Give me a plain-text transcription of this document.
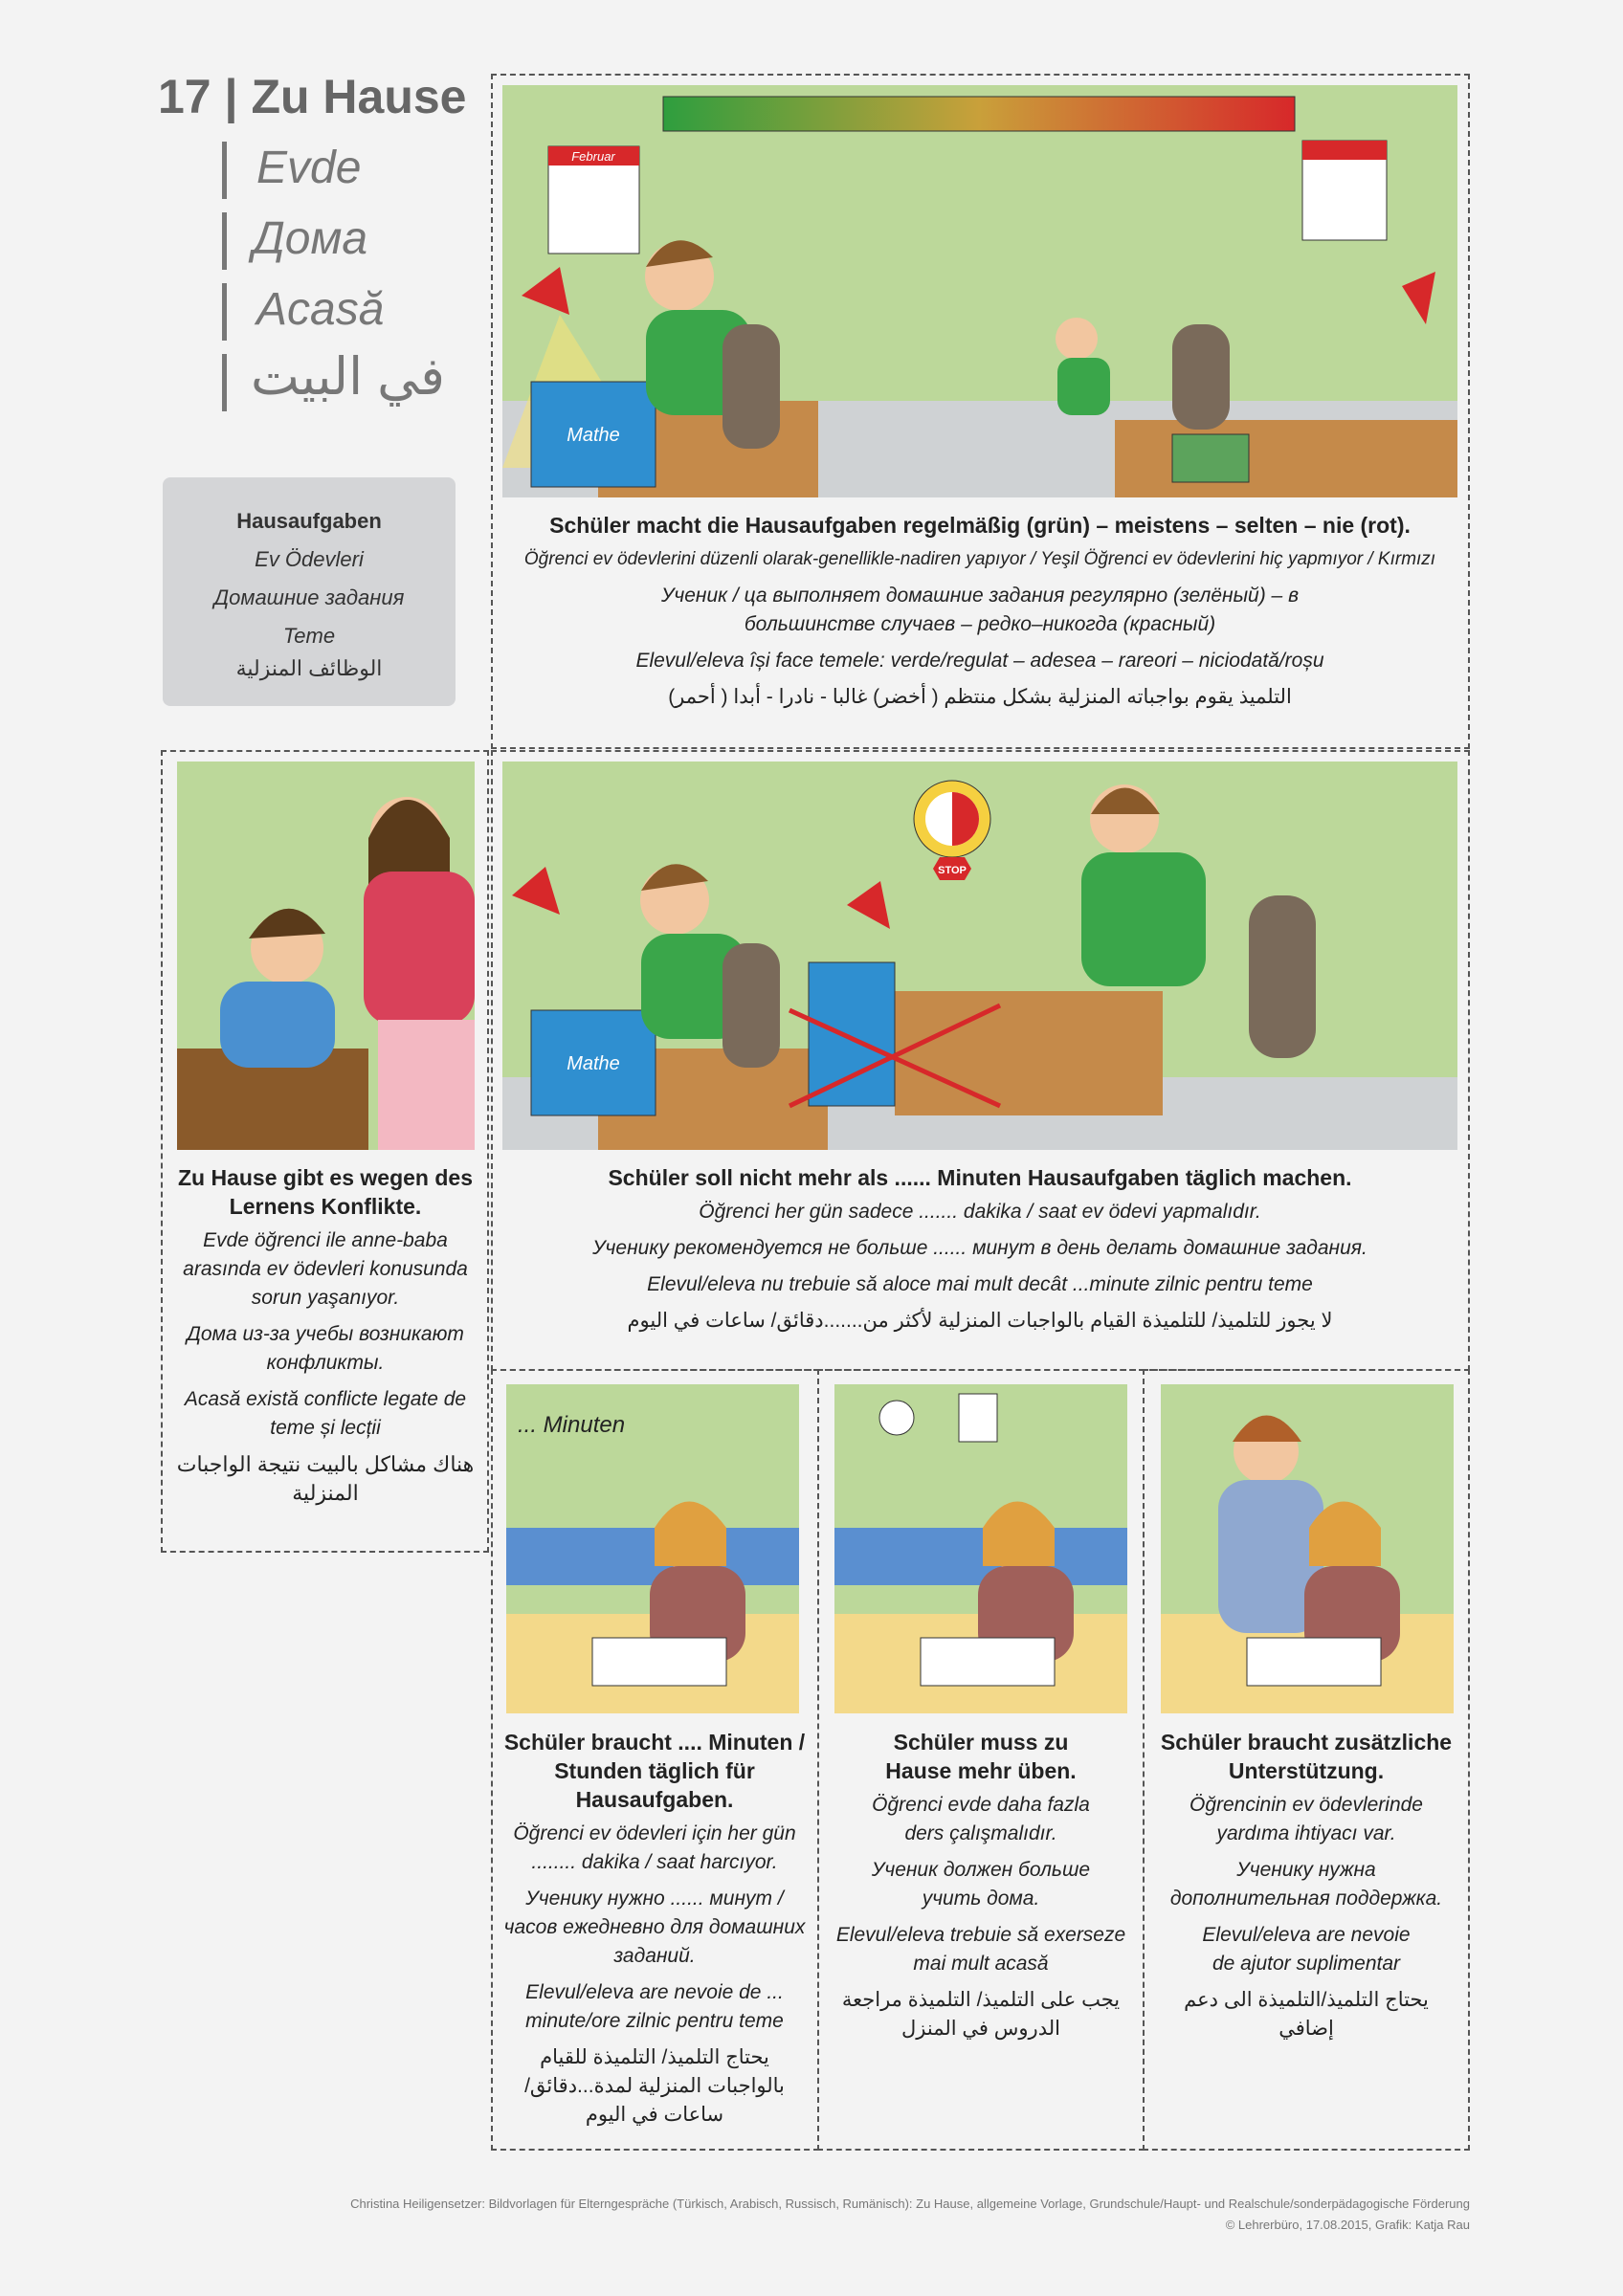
17 | Zu Hause
Evde
Дома
Acasă
في البيت
Hausaufgaben
Ev Ödevleri
Домашние задания
Teme
الوظائف المنزلية
Februar
Mathe
Schüler macht die Hausaufgaben regelmäßig (grün) – meistens – selten – nie (rot).
Öğrenci ev ödevlerini düzenli olarak-genellikle-nadiren yapıyor / Yeşil Öğrenci ev ödevlerini hiç yapmıyor / Kırmızı
Ученик / ца выполняет домашние задания регулярно (зелёный) – в большинстве случаев – редко–никогда (красный)
Elevul/eleva își face temele: verde/regulat – adesea – rareori – niciodată/roșu
التلميذ يقوم بواجباته المنزلية بشكل منتظم ( أخضر) غالبا - نادرا - أبدا ( أحمر)
Zu Hause gibt es wegen des Lernens Konflikte.
Evde öğrenci ile anne-baba arasında ev ödevleri konusunda sorun yaşanıyor.
Дома из-за учебы возникают конфликты.
Acasă există conflicte legate de teme și lecții
هناك مشاكل بالبيت نتيجة الواجبات المنزلية
Mathe
STOP
Schüler soll nicht mehr als ...... Minuten Hausaufgaben täglich machen.
Öğrenci her gün sadece ....... dakika / saat ev ödevi yapmalıdır.
Ученику рекомендуется не больше ...... минут в день делать домашние задания.
Elevul/eleva nu trebuie să aloce mai mult decât ...minute zilnic pentru teme
لا يجوز للتلميذ/ للتلميذة القيام بالواجبات المنزلية لأكثر من.......دقائق/ ساعات في اليوم
... Minuten
Schüler braucht .... Minuten / Stunden täglich für Hausaufgaben.
Öğrenci ev ödevleri için her gün ........ dakika / saat harcıyor.
Ученику нужно ...... минут / часов ежедневно для домашних заданий.
Elevul/eleva are nevoie de ... minute/ore zilnic pentru teme
يحتاج التلميذ/ التلميذة للقيام بالواجبات المنزلية لمدة...دقائق/ساعات في اليوم
Schüler muss zu Hause mehr üben.
Öğrenci evde daha fazla ders çalışmalıdır.
Ученик должен больше учить дома.
Elevul/eleva trebuie să exerseze mai mult acasă
يجب على التلميذ/ التلميذة مراجعة الدروس في المنزل
Schüler braucht zusätzliche Unterstützung.
Öğrencinin ev ödevlerinde yardıma ihtiyacı var.
Ученику нужна дополнительная поддержка.
Elevul/eleva are nevoie de ajutor suplimentar
يحتاج التلميذ/التلميذة الى دعم إضافي
Christina Heiligensetzer: Bildvorlagen für Elterngespräche (Türkisch, Arabisch, Russisch, Rumänisch): Zu Hause, allgemeine Vorlage, Grundschule/Haupt- und Realschule/sonderpädagogische Förderung
© Lehrerbüro, 17.08.2015, Grafik: Katja Rau
